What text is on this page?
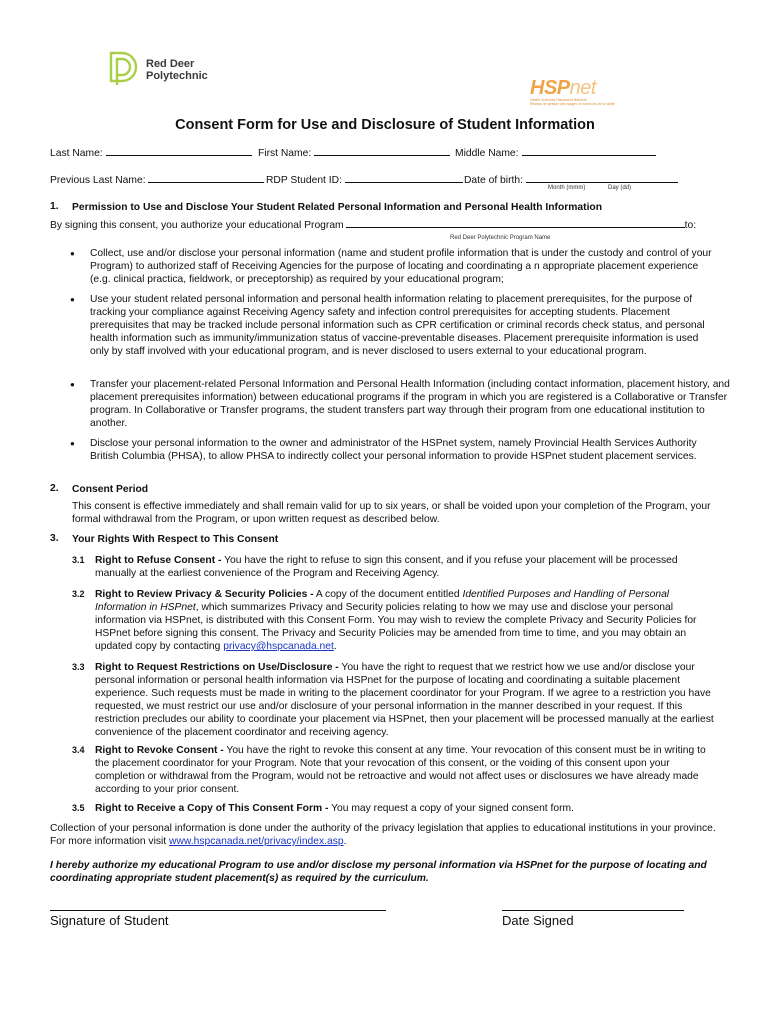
Red Deer
Polytechnic
HSPnet
Health Sciences Placement Network
Réseau de gestion des stages en sciences de la santé
Consent Form for Use and Disclosure of Student Information
Last Name:	First Name:	Middle Name:
Previous Last Name:	RDP Student ID:	Date of birth:
Month (mmm)	Day (dd)
1. Permission to Use and Disclose Your Student Related Personal Information and Personal Health Information
By signing this consent, you authorize your educational Program	to:
Red Deer Polytechnic Program Name
● Collect, use and/or disclose your personal information (name and student profile information that is under the custody and control of your Program) to authorized staff of Receiving Agencies for the purpose of locating and coordinating a n appropriate placement experience (e.g. clinical practica, fieldwork, or preceptorship) as required by your educational program;
● Use your student related personal information and personal health information relating to placement prerequisites, for the purpose of tracking your compliance against Receiving Agency safety and infection control prerequisites for accepting students. Placement prerequisites that may be tracked include personal information such as CPR certification or criminal records check status, and personal health information such as immunity/immunization status of vaccine-preventable diseases. Placement prerequisite information is used only by staff involved with your educational program, and is never disclosed to users external to your educational program.
● Transfer your placement-related Personal Information and Personal Health Information (including contact information, placement history, and placement prerequisites information) between educational programs if the program in which you are registered is a Collaborative or Transfer program. In Collaborative or Transfer programs, the student transfers part way through their program from one educational institution to another.
● Disclose your personal information to the owner and administrator of the HSPnet system, namely Provincial Health Services Authority British Columbia (PHSA), to allow PHSA to indirectly collect your personal information to provide HSPnet student placement services.
2. Consent Period
This consent is effective immediately and shall remain valid for up to six years, or shall be voided upon your completion of the Program, your formal withdrawal from the Program, or upon written request as described below.
3. Your Rights With Respect to This Consent
3.1 Right to Refuse Consent - You have the right to refuse to sign this consent, and if you refuse your placement will be processed manually at the earliest convenience of the Program and Receiving Agency.
3.2 Right to Review Privacy & Security Policies - A copy of the document entitled Identified Purposes and Handling of Personal Information in HSPnet, which summarizes Privacy and Security policies relating to how we may use and disclose your personal information via HSPnet, is distributed with this Consent Form. You may wish to review the complete Privacy and Security Policies for HSPnet before signing this consent. The Privacy and Security Policies may be amended from time to time, and you may obtain an updated copy by contacting privacy@hspcanada.net.
3.3 Right to Request Restrictions on Use/Disclosure - You have the right to request that we restrict how we use and/or disclose your personal information or personal health information via HSPnet for the purpose of locating and coordinating a suitable placement experience. Such requests must be made in writing to the placement coordinator for your Program. If we agree to a restriction you have requested, we must restrict our use and/or disclosure of your personal information in the manner described in your request. If this restriction precludes our ability to coordinate your placement via HSPnet, then your placement will be processed manually at the earliest convenience of the placement coordinator and receiving agency.
3.4 Right to Revoke Consent - You have the right to revoke this consent at any time. Your revocation of this consent must be in writing to the placement coordinator for your Program. Note that your revocation of this consent, or the voiding of this consent upon your completion or withdrawal from the Program, would not be retroactive and would not affect uses or disclosures we have already made according to your prior consent.
3.5 Right to Receive a Copy of This Consent Form - You may request a copy of your signed consent form.
Collection of your personal information is done under the authority of the privacy legislation that applies to educational institutions in your province. For more information visit www.hspcanada.net/privacy/index.asp.
I hereby authorize my educational Program to use and/or disclose my personal information via HSPnet for the purpose of locating and coordinating appropriate student placement(s) as required by the curriculum.
Signature of Student	Date Signed
